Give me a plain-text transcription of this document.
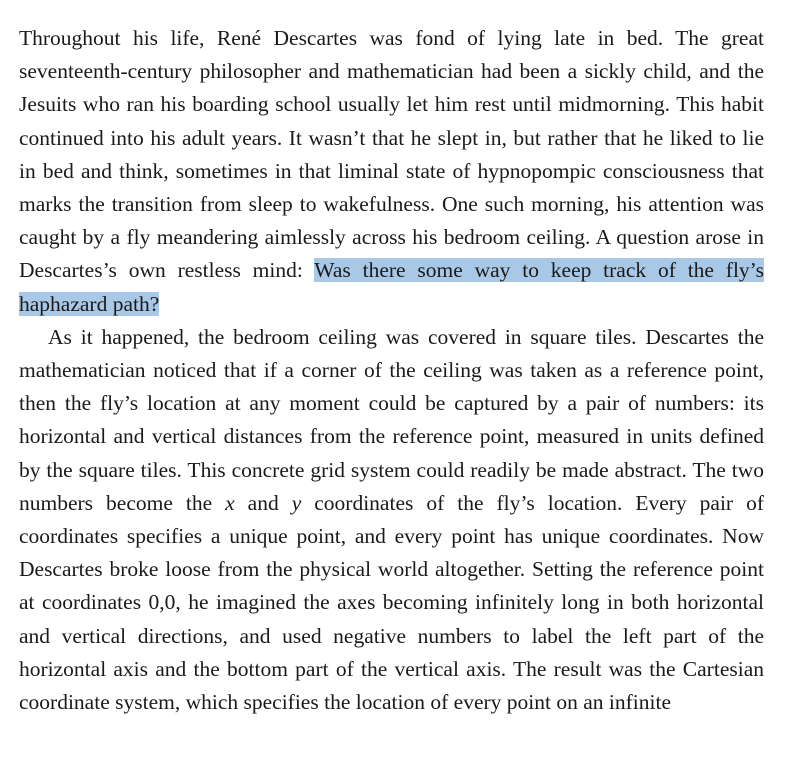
Throughout his life, René Descartes was fond of lying late in bed. The great seventeenth-century philosopher and mathematician had been a sickly child, and the Jesuits who ran his boarding school usually let him rest until midmorning. This habit continued into his adult years. It wasn’t that he slept in, but rather that he liked to lie in bed and think, sometimes in that liminal state of hypnopompic consciousness that marks the transition from sleep to wakefulness. One such morning, his attention was caught by a fly meandering aimlessly across his bedroom ceiling. A question arose in Descartes’s own restless mind: Was there some way to keep track of the fly’s haphazard path?

As it happened, the bedroom ceiling was covered in square tiles. Descartes the mathematician noticed that if a corner of the ceiling was taken as a reference point, then the fly’s location at any moment could be captured by a pair of numbers: its horizontal and vertical distances from the reference point, measured in units defined by the square tiles. This concrete grid system could readily be made abstract. The two numbers become the x and y coordinates of the fly’s location. Every pair of coordinates specifies a unique point, and every point has unique coordinates. Now Descartes broke loose from the physical world altogether. Setting the reference point at coordinates 0,0, he imagined the axes becoming infinitely long in both horizontal and vertical directions, and used negative numbers to label the left part of the horizontal axis and the bottom part of the vertical axis. The result was the Cartesian coordinate system, which specifies the location of every point on an infinite
